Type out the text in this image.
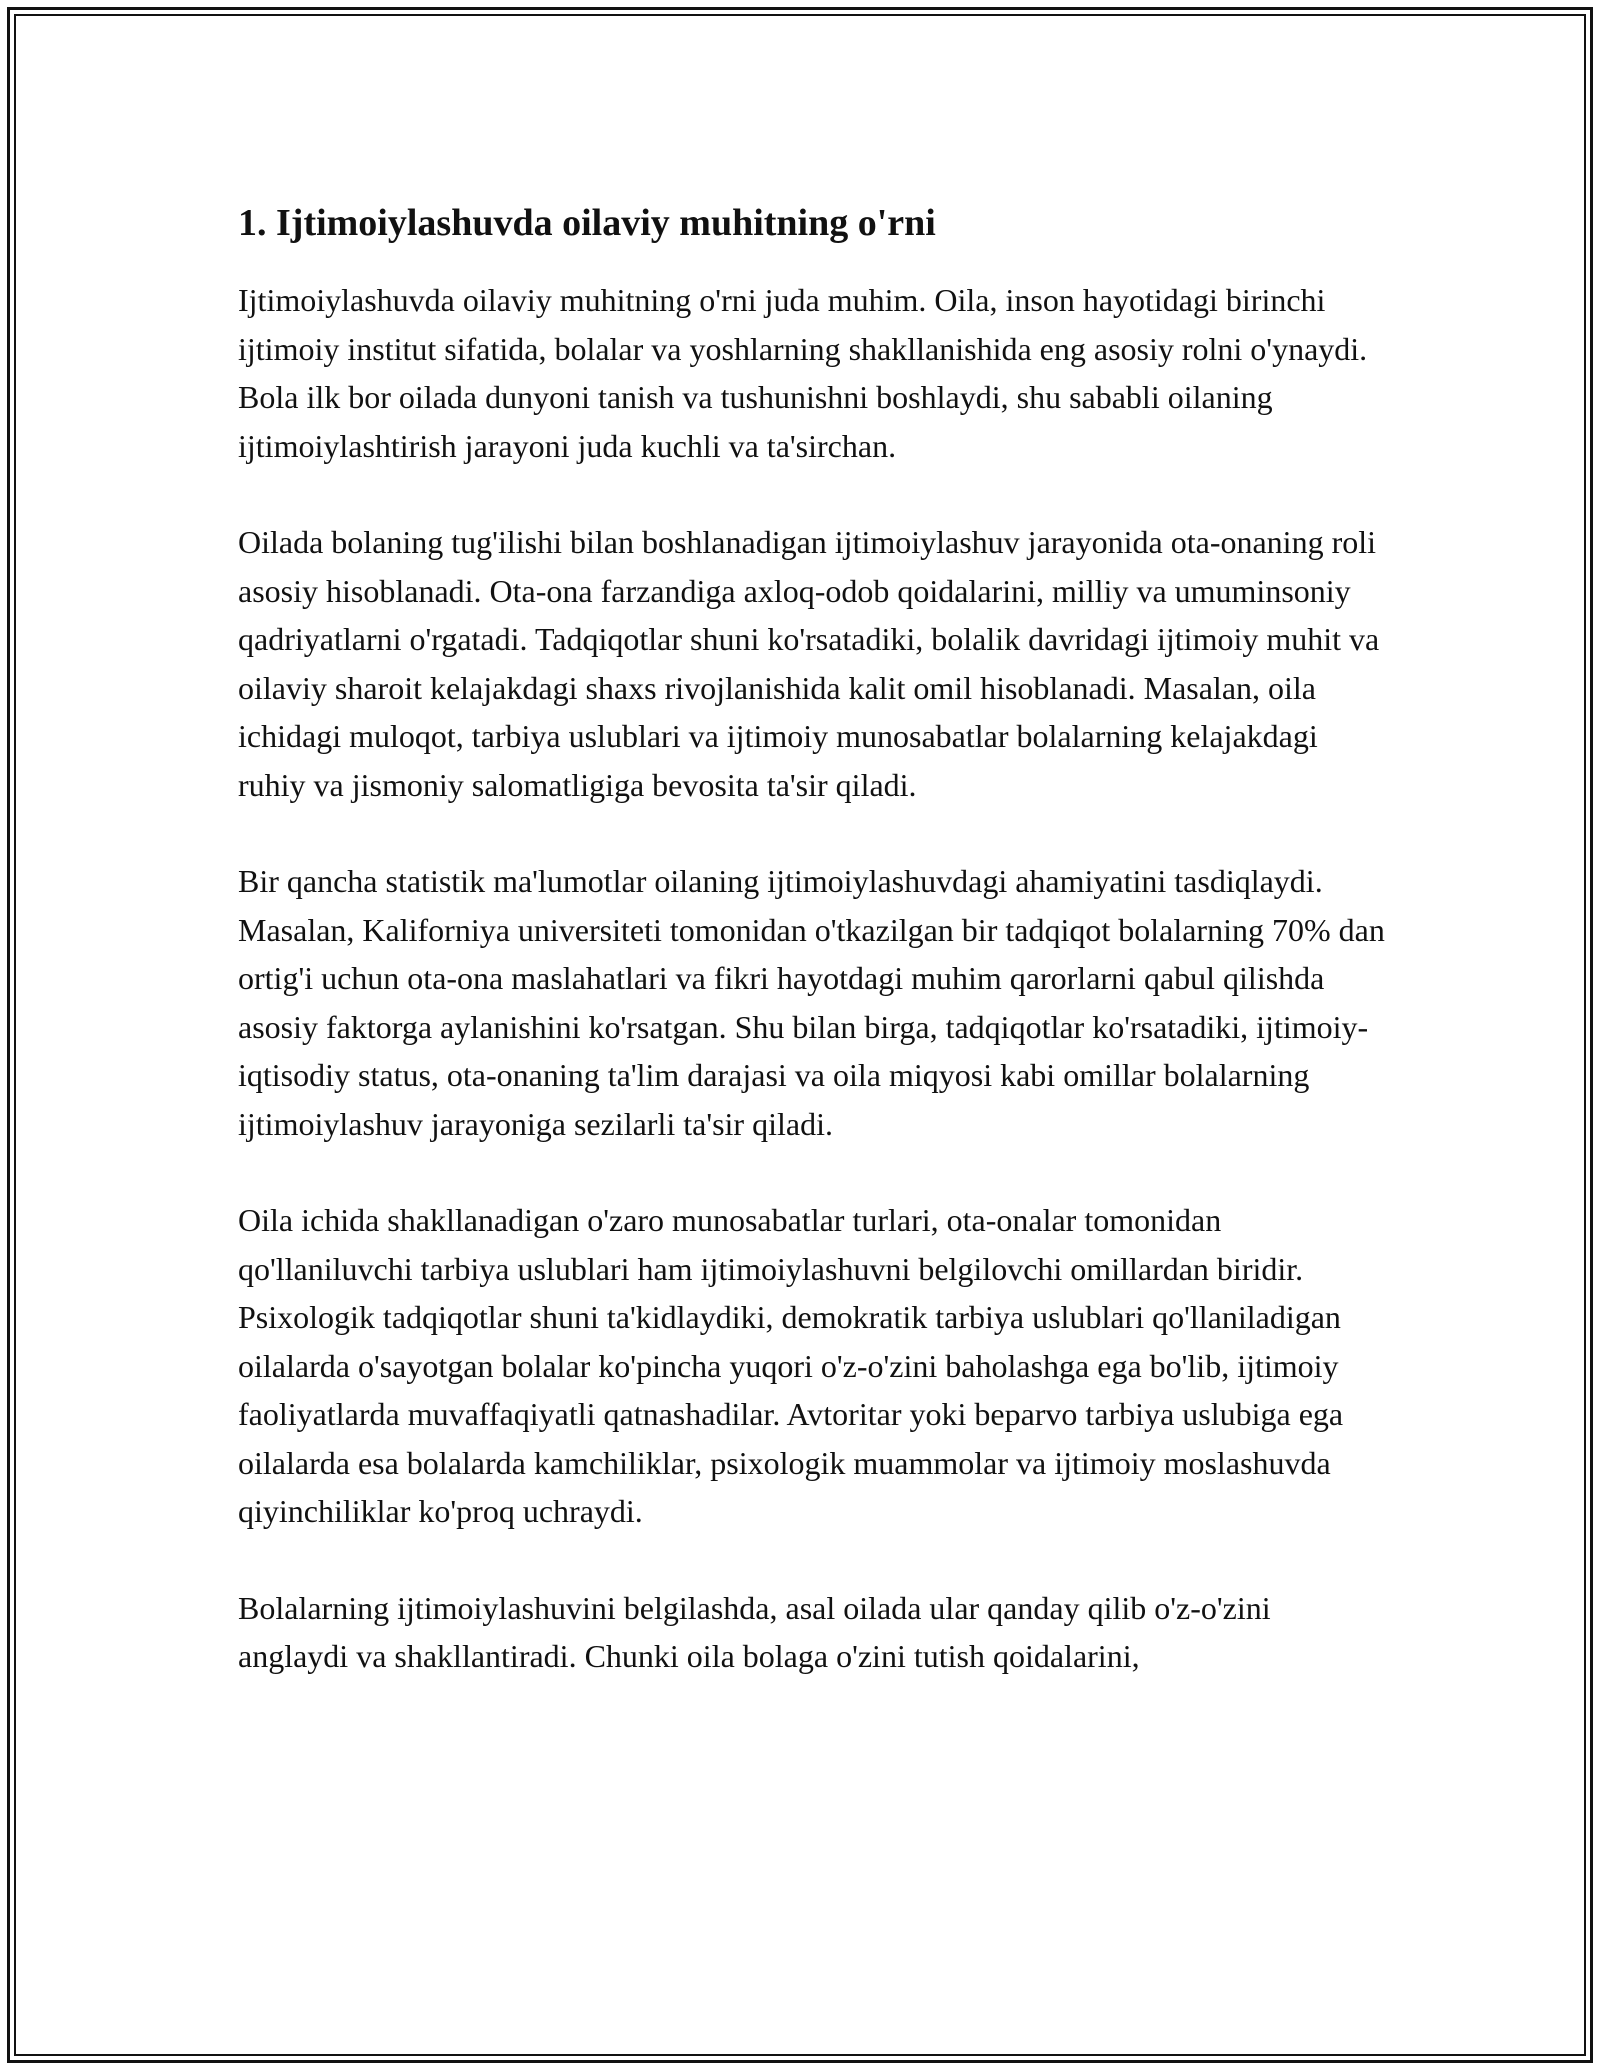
1. Ijtimoiylashuvda oilaviy muhitning o'rni

Ijtimoiylashuvda oilaviy muhitning o'rni juda muhim. Oila, inson hayotidagi birinchi ijtimoiy institut sifatida, bolalar va yoshlarning shakllanishida eng asosiy rolni o'ynaydi. Bola ilk bor oilada dunyoni tanish va tushunishni boshlaydi, shu sababli oilaning ijtimoiylashtirish jarayoni juda kuchli va ta'sirchan.

Oilada bolaning tug'ilishi bilan boshlanadigan ijtimoiylashuv jarayonida ota-onaning roli asosiy hisoblanadi. Ota-ona farzandiga axloq-odob qoidalarini, milliy va umuminsoniy qadriyatlarni o'rgatadi. Tadqiqotlar shuni ko'rsatadiki, bolalik davridagi ijtimoiy muhit va oilaviy sharoit kelajakdagi shaxs rivojlanishida kalit omil hisoblanadi. Masalan, oila ichidagi muloqot, tarbiya uslublari va ijtimoiy munosabatlar bolalarning kelajakdagi ruhiy va jismoniy salomatligiga bevosita ta'sir qiladi.

Bir qancha statistik ma'lumotlar oilaning ijtimoiylashuvdagi ahamiyatini tasdiqlaydi. Masalan, Kaliforniya universiteti tomonidan o'tkazilgan bir tadqiqot bolalarning 70% dan ortig'i uchun ota-ona maslahatlari va fikri hayotdagi muhim qarorlarni qabul qilishda asosiy faktorga aylanishini ko'rsatgan. Shu bilan birga, tadqiqotlar ko'rsatadiki, ijtimoiy-iqtisodiy status, ota-onaning ta'lim darajasi va oila miqyosi kabi omillar bolalarning ijtimoiylashuv jarayoniga sezilarli ta'sir qiladi.

Oila ichida shakllanadigan o'zaro munosabatlar turlari, ota-onalar tomonidan qo'llaniluvchi tarbiya uslublari ham ijtimoiylashuvni belgilovchi omillardan biridir. Psixologik tadqiqotlar shuni ta'kidlaydiki, demokratik tarbiya uslublari qo'llaniladigan oilalarda o'sayotgan bolalar ko'pincha yuqori o'z-o'zini baholashga ega bo'lib, ijtimoiy faoliyatlarda muvaffaqiyatli qatnashadilar. Avtoritar yoki beparvo tarbiya uslubiga ega oilalarda esa bolalarda kamchiliklar, psixologik muammolar va ijtimoiy moslashuvda qiyinchiliklar ko'proq uchraydi.

Bolalarning ijtimoiylashuvini belgilashda, asal oilada ular qanday qilib o'z-o'zini anglaydi va shakllantiradi. Chunki oila bolaga o'zini tutish qoidalarini,
